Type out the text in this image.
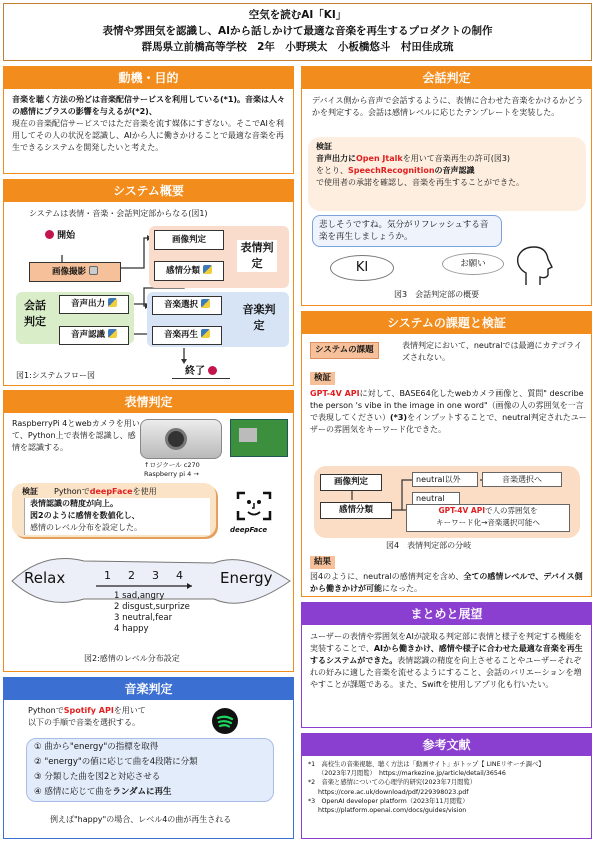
空気を読むAI「KI」
表情や雰囲気を認識し、AIから話しかけて最適な音楽を再生するプロダクトの制作
群馬県立前橋高等学校　2年　小野瑛太　小板橋悠斗　村田佳成琉
動機・目的
音楽を聴く方法の殆どは音楽配信サービスを利用している(*1)。音楽は人々の感情にプラスの影響を与えるが(*2)、
現在の音楽配信サービスではただ音楽を流す媒体にすぎない。そこでAIを利用してその人の状況を認識し、AIから人に働きかけることで最適な音楽を再生できるシステムを開発したいと考えた。
システム概要
システムは表情・音楽・会話判定部からなる(図1)
開始
画像撮影
画像判定
感情分類
表情判定
会話判定
音声出力
音声認識
音楽選択
音楽再生
音楽判定
終了
図1:システムフロー図
表情判定
RaspberryPi 4とwebカメラを用いて、Python上で表情を認識し、感情を認識する。
↑ロジクール c270
Raspberry pi 4 →
検証 PythonでdeepFaceを使用
表情認識の精度が向上。
図2のように感情を数値化し、
感情のレベル分布を設定した。	deepFace
Relax	Energy
1 2 3 4
1 sad,angry
2 disgust,surprize
3 neutral,fear
4 happy
図2:感情のレベル分布設定
音楽判定
PythonでSpotify APIを用いて
以下の手順で音楽を選択する。
① 曲から"energy"の指標を取得
② "energy"の値に応じて曲を4段階に分類
③ 分類した曲を図2と対応させる
④ 感情に応じて曲をランダムに再生
例えば"happy"の場合、レベル4の曲が再生される
会話判定
デバイス側から音声で会話するように、表情に合わせた音楽をかけるかどうかを判定する。会話は感情レベルに応じたテンプレートを実装した。
検証
音声出力にOpen Jtalkを用いて音楽再生の許可(図3)
をとり、SpeechRecognitionの音声認識
で使用者の承諾を確認し、音楽を再生することができた。
悲しそうですね。気分がリフレッシュする音楽を再生しましょうか。
KI	お願い
図3　会話判定部の概要
システムの課題と検証
システムの課題	表情判定において、neutralでは最適にカテゴライズされない。
検証
GPT-4V APIに対して、BASE64化したwebカメラ画像と、質問" describe the person 's vibe in the image in one word"（画像の人の雰囲気を一言で表現してください）(*3)をインプットすることで、neutral判定されたユーザーの雰囲気をキーワード化できた。
画像判定
感情分類
neutral以外	音楽選択へ
neutral
GPT-4V APIで人の雰囲気を
キーワード化→音楽選択可能へ
図4　表情判定部の分岐
結果
図4のように、neutralの感情判定を含め、全ての感情レベルで、デバイス側から働きかけが可能になった。
まとめと展望
ユーザーの表情や雰囲気をAIが読取る判定部に表情と様子を判定する機能を実装することで、AIから働きかけ、感情や様子に合わせた最適な音楽を再生するシステムができた。表情認識の精度を向上させることやユーザーそれぞれの好みに適した音楽を流せるようにすること、会話のバリエーションを増やすことが課題である。また、Swiftを使用しアプリ化も行いたい。
参考文献
*1　高校生の音楽視聴、聴く方法は「動画サイト」がトップ【 LINEリサーチ調べ】
（2023年7月閲覧）　https://markezine.jp/article/detail/36546
*2　音楽と感情についての心理学的研究(2023年7月閲覧）
https://core.ac.uk/download/pdf/229398023.pdf
*3　OpenAI developer platform（2023年11月閲覧）
https://platform.openai.com/docs/guides/vision
